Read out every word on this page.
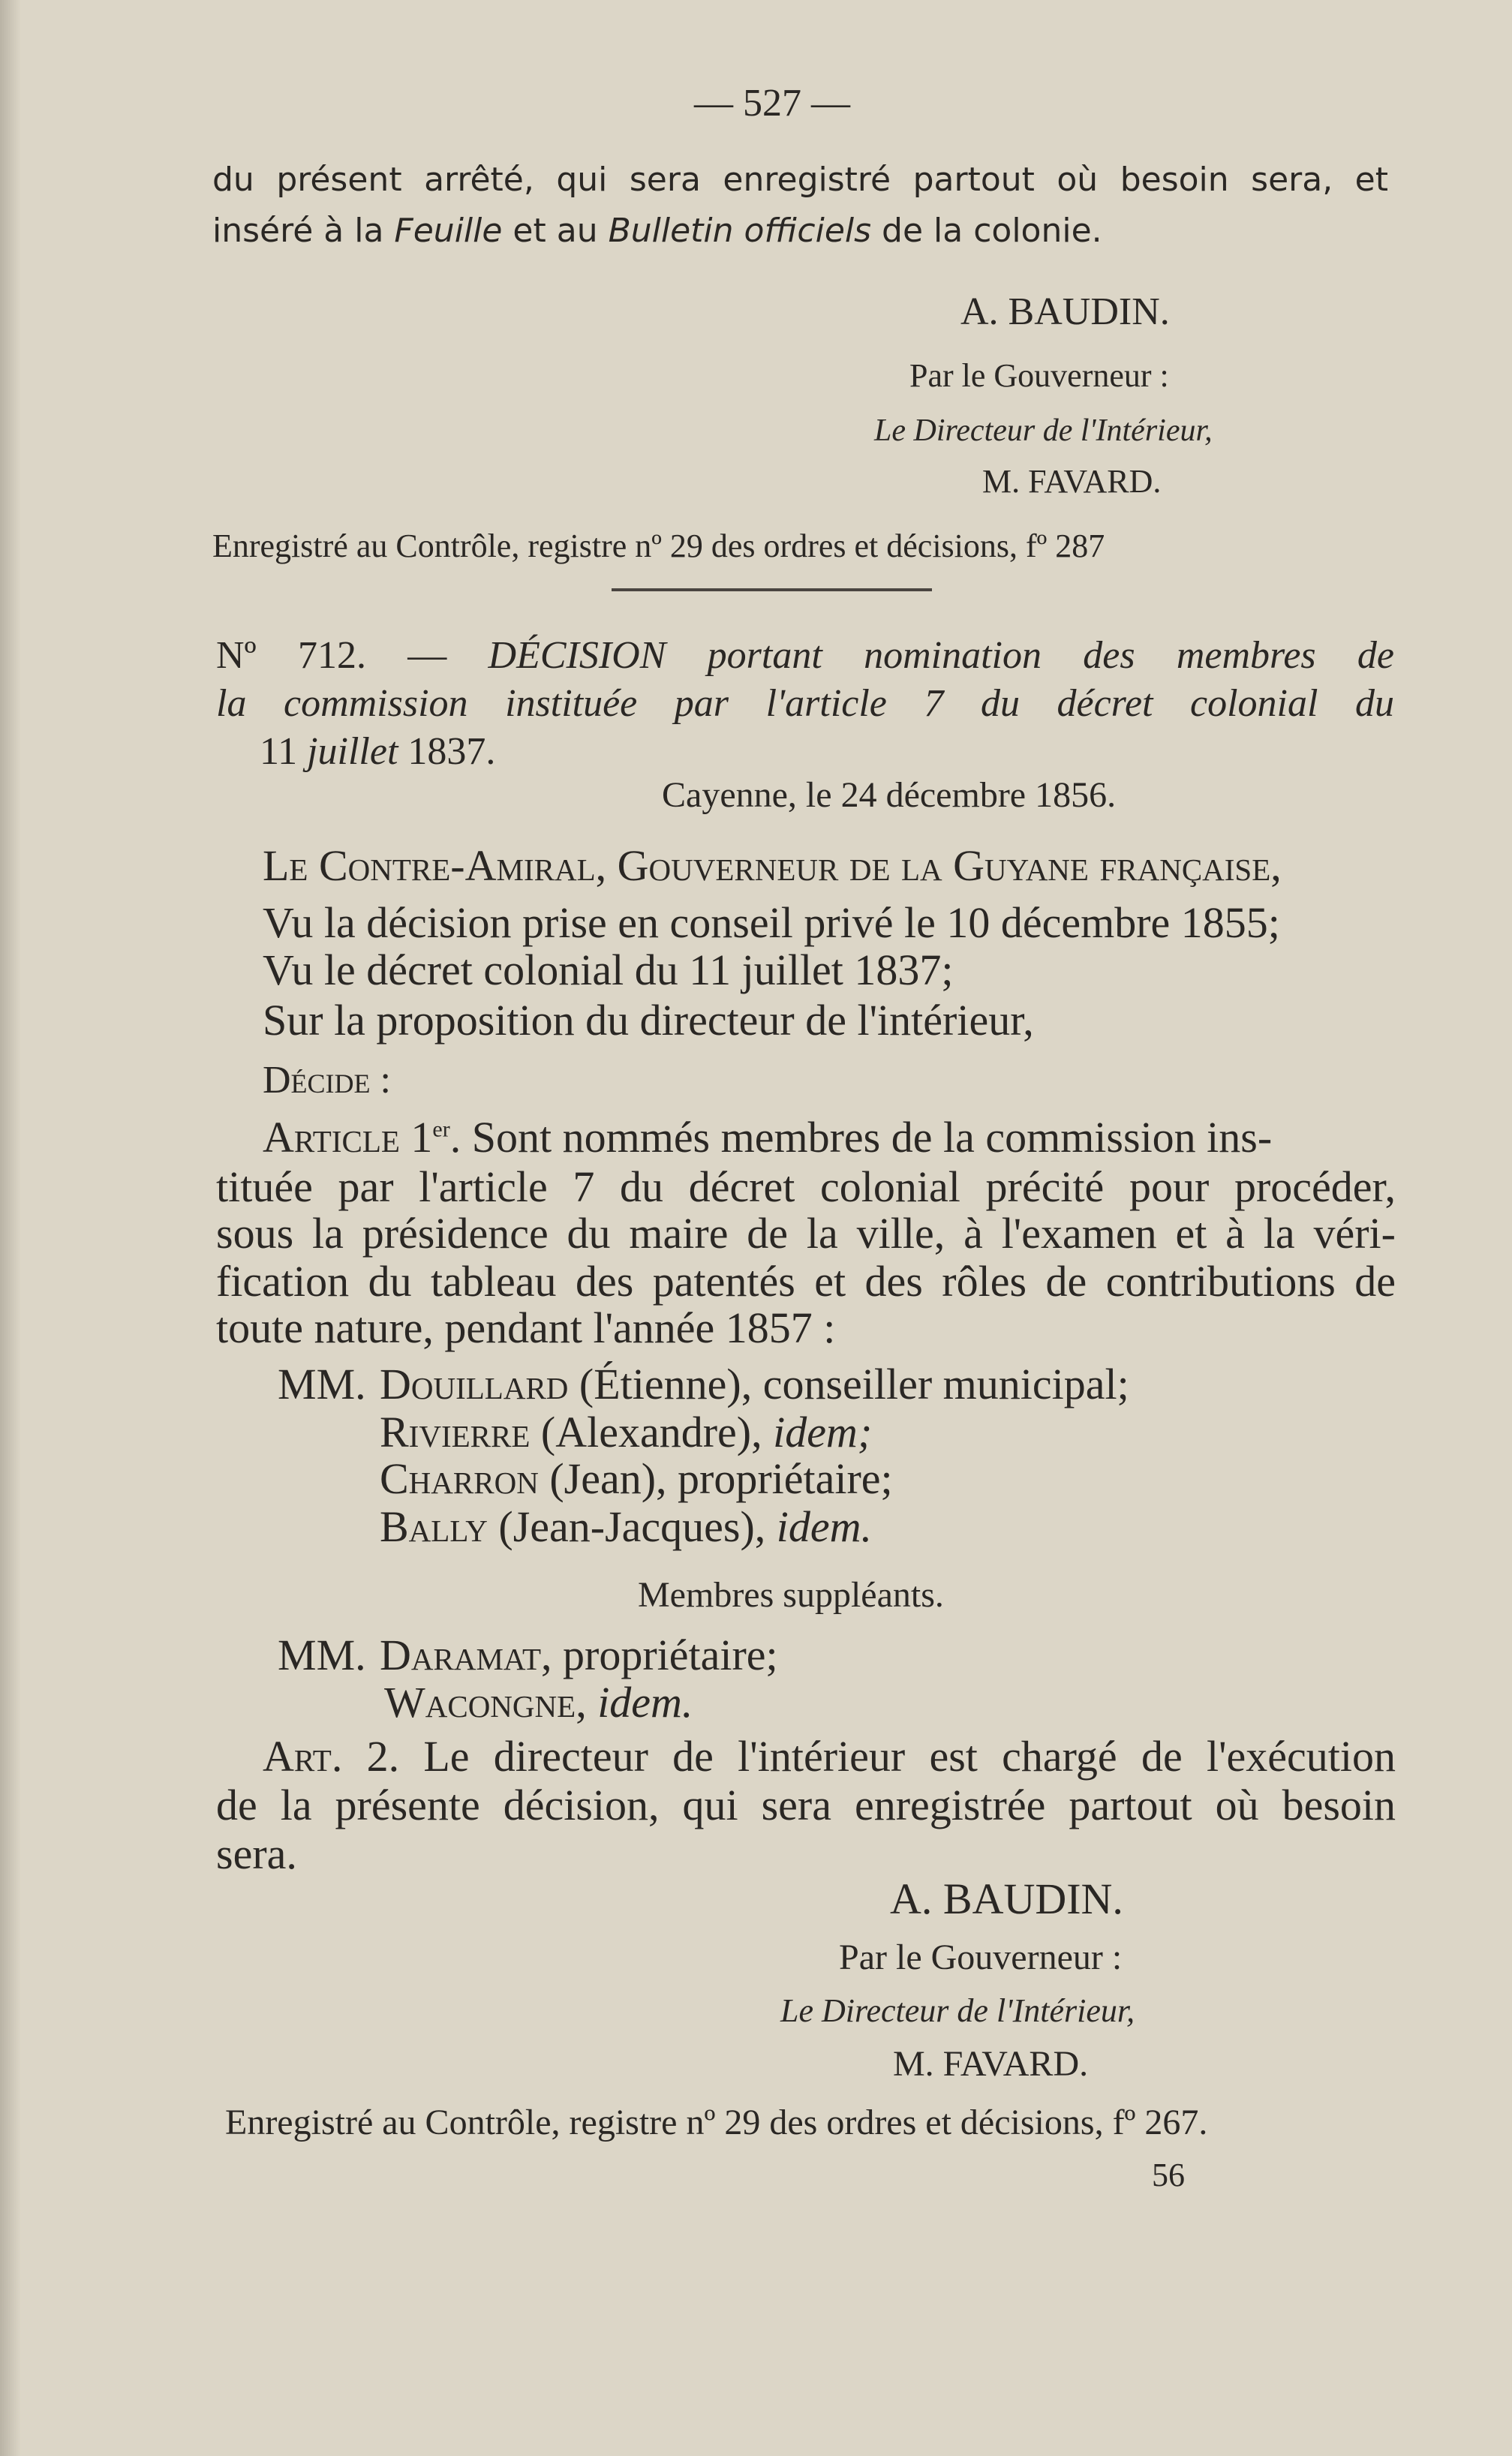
— 527 —
du présent arrêté, qui sera enregistré partout où besoin sera, et
inséré à la Feuille et au Bulletin officiels de la colonie.
A. BAUDIN.
Par le Gouverneur :
Le Directeur de l'Intérieur,
M. FAVARD.
Enregistré au Contrôle, registre nº 29 des ordres et décisions, fº 287
Nº 712. — DÉCISION portant nomination des membres de
la commission instituée par l'article 7 du décret colonial du
11 juillet 1837.
Cayenne, le 24 décembre 1856.
Le Contre-Amiral, Gouverneur de la Guyane française,
Vu la décision prise en conseil privé le 10 décembre 1855;
Vu le décret colonial du 11 juillet 1837;
Sur la proposition du directeur de l'intérieur,
Décide :
Article 1er. Sont nommés membres de la commission ins-
tituée par l'article 7 du décret colonial précité pour procéder,
sous la présidence du maire de la ville, à l'examen et à la véri-
fication du tableau des patentés et des rôles de contributions de
toute nature, pendant l'année 1857 :
MM. Douillard (Étienne), conseiller municipal;
Rivierre (Alexandre), idem;
Charron (Jean), propriétaire;
Bally (Jean-Jacques), idem.
Membres suppléants.
MM. Daramat, propriétaire;
Wacongne, idem.
Art. 2. Le directeur de l'intérieur est chargé de l'exécution
de la présente décision, qui sera enregistrée partout où besoin
sera.
A. BAUDIN.
Par le Gouverneur :
Le Directeur de l'Intérieur,
M. FAVARD.
Enregistré au Contrôle, registre nº 29 des ordres et décisions, fº 267.
56
